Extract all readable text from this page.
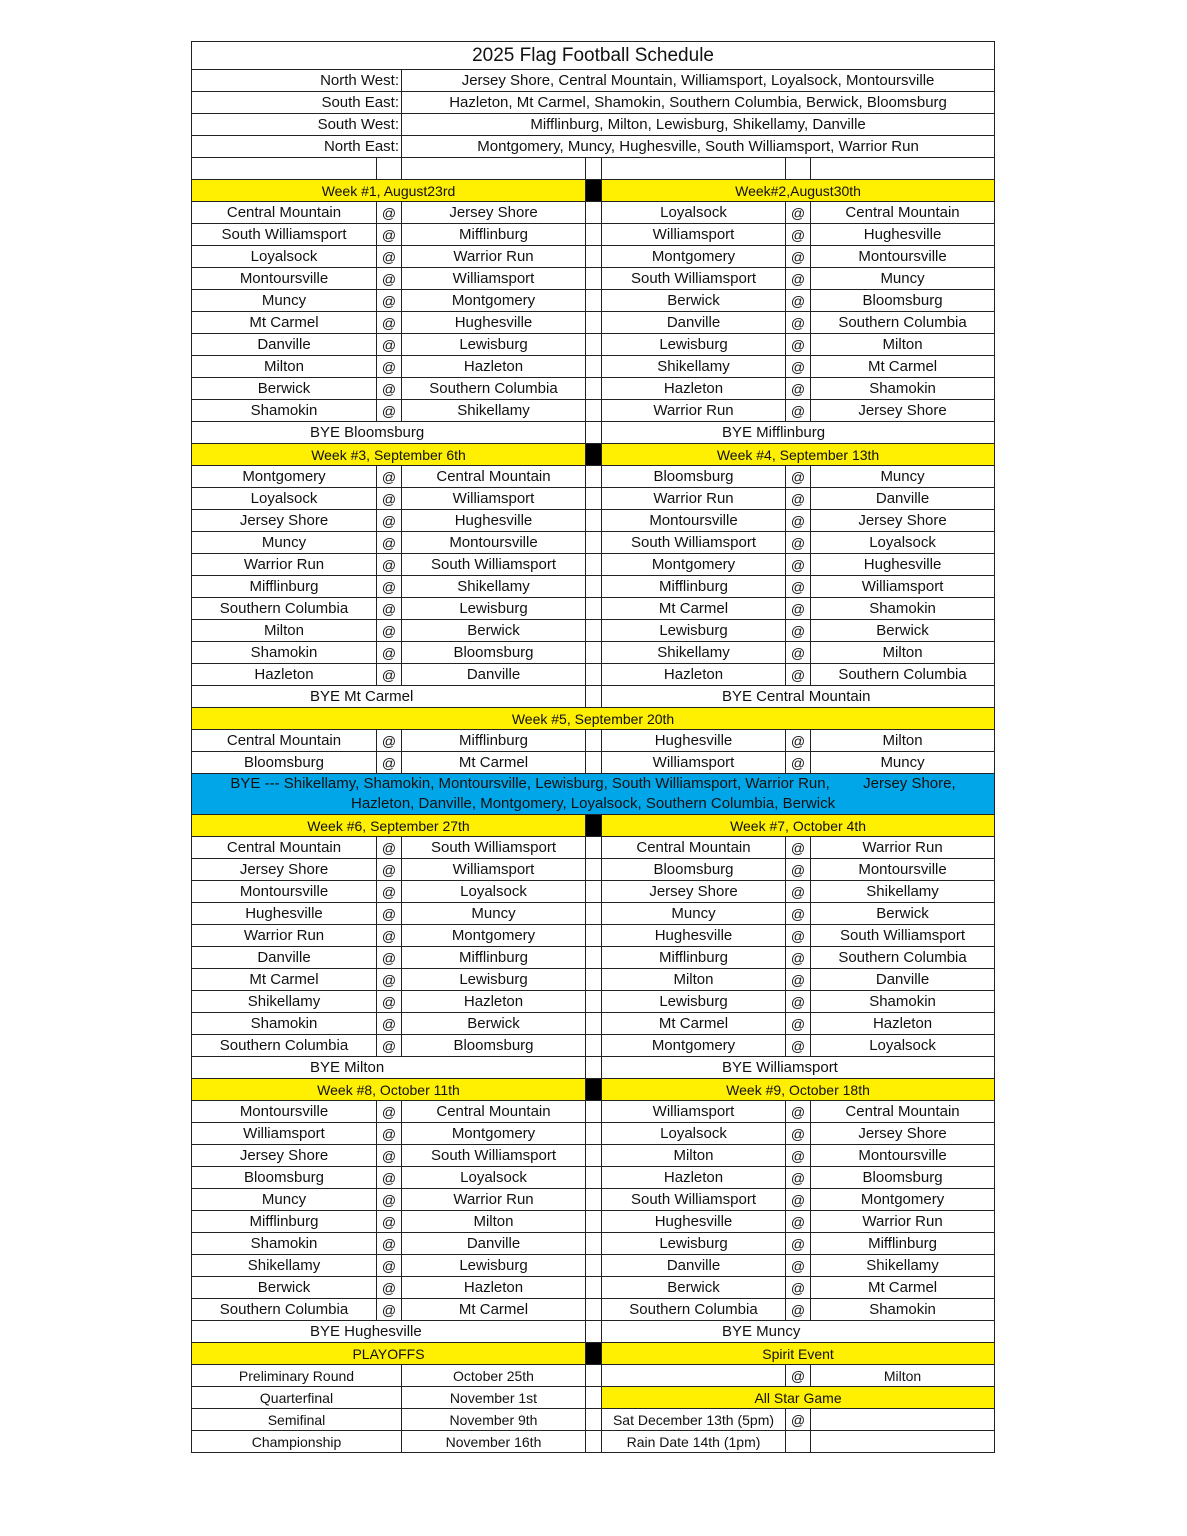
2025 Flag Football Schedule						
North West:		Jersey Shore, Central Mountain, Williamsport, Loyalsock, Montoursville				
South East:		Hazleton, Mt Carmel, Shamokin, Southern Columbia, Berwick, Bloomsburg				
South West:		Mifflinburg, Milton, Lewisburg, Shikellamy, Danville				
North East:		Montgomery, Muncy, Hughesville, South Williamsport, Warrior Run				

Week #1, August23rd				Week#2,August30th		
Central Mountain	@	Jersey Shore		Loyalsock	@	Central Mountain
South Williamsport	@	Mifflinburg		Williamsport	@	Hughesville
Loyalsock	@	Warrior Run		Montgomery	@	Montoursville
Montoursville	@	Williamsport		South Williamsport	@	Muncy
Muncy	@	Montgomery		Berwick	@	Bloomsburg
Mt Carmel	@	Hughesville		Danville	@	Southern Columbia
Danville	@	Lewisburg		Lewisburg	@	Milton
Milton	@	Hazleton		Shikellamy	@	Mt Carmel
Berwick	@	Southern Columbia		Hazleton	@	Shamokin
Shamokin	@	Shikellamy		Warrior Run	@	Jersey Shore
BYE Bloomsburg				BYE Mifflinburg		
Week #3, September 6th				Week #4, September 13th		
Montgomery	@	Central Mountain		Bloomsburg	@	Muncy
Loyalsock	@	Williamsport		Warrior Run	@	Danville
Jersey Shore	@	Hughesville		Montoursville	@	Jersey Shore
Muncy	@	Montoursville		South Williamsport	@	Loyalsock
Warrior Run	@	South Williamsport		Montgomery	@	Hughesville
Mifflinburg	@	Shikellamy		Mifflinburg	@	Williamsport
Southern Columbia	@	Lewisburg		Mt Carmel	@	Shamokin
Milton	@	Berwick		Lewisburg	@	Berwick
Shamokin	@	Bloomsburg		Shikellamy	@	Milton
Hazleton	@	Danville		Hazleton	@	Southern Columbia
BYE Mt Carmel				BYE Central Mountain		
Week #5, September 20th						
Central Mountain	@	Mifflinburg		Hughesville	@	Milton
Bloomsburg	@	Mt Carmel		Williamsport	@	Muncy
BYE --- Shikellamy, Shamokin, Montoursville, Lewisburg, South Williamsport, Warrior Run,        Jersey Shore,						
Hazleton, Danville, Montgomery, Loyalsock, Southern Columbia, Berwick						
Week #6, September 27th				Week #7, October 4th		
Central Mountain	@	South Williamsport		Central Mountain	@	Warrior Run
Jersey Shore	@	Williamsport		Bloomsburg	@	Montoursville
Montoursville	@	Loyalsock		Jersey Shore	@	Shikellamy
Hughesville	@	Muncy		Muncy	@	Berwick
Warrior Run	@	Montgomery		Hughesville	@	South Williamsport
Danville	@	Mifflinburg		Mifflinburg	@	Southern Columbia
Mt Carmel	@	Lewisburg		Milton	@	Danville
Shikellamy	@	Hazleton		Lewisburg	@	Shamokin
Shamokin	@	Berwick		Mt Carmel	@	Hazleton
Southern Columbia	@	Bloomsburg		Montgomery	@	Loyalsock
BYE Milton				BYE Williamsport		
Week #8, October 11th				Week #9, October 18th		
Montoursville	@	Central Mountain		Williamsport	@	Central Mountain
Williamsport	@	Montgomery		Loyalsock	@	Jersey Shore
Jersey Shore	@	South Williamsport		Milton	@	Montoursville
Bloomsburg	@	Loyalsock		Hazleton	@	Bloomsburg
Muncy	@	Warrior Run		South Williamsport	@	Montgomery
Mifflinburg	@	Milton		Hughesville	@	Warrior Run
Shamokin	@	Danville		Lewisburg	@	Mifflinburg
Shikellamy	@	Lewisburg		Danville	@	Shikellamy
Berwick	@	Hazleton		Berwick	@	Mt Carmel
Southern Columbia	@	Mt Carmel		Southern Columbia	@	Shamokin
BYE Hughesville				BYE Muncy		
PLAYOFFS				Spirit Event		
Preliminary Round		October 25th			@	Milton
Quarterfinal		November 1st		All Star Game		
Semifinal		November 9th		Sat December 13th (5pm)	@	
Championship		November 16th		Rain Date 14th (1pm)		
